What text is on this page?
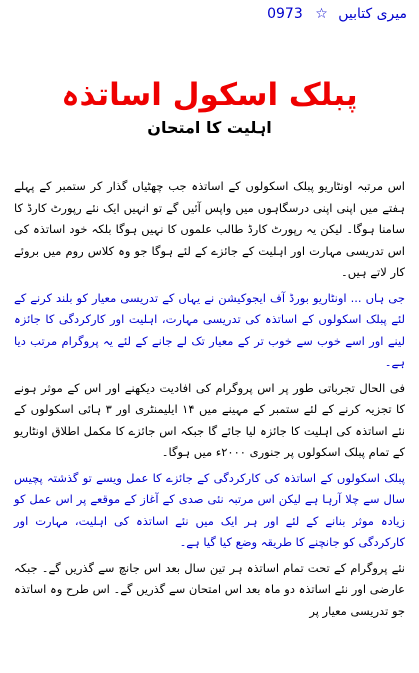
میری کتابیں ☆ 0973
پبلک اسکول اساتذہ
اہلیت کا امتحان

اس مرتبہ اونٹاریو پبلک اسکولوں کے اساتذہ جب چھٹیاں گذار کر ستمبر کے پہلے ہفتے میں اپنی اپنی درسگاہوں میں واپس آئیں گے تو انہیں ایک نئے رپورٹ کارڈ کا سامنا ہوگا۔ لیکن یہ رپورٹ کارڈ طالب علموں کا نہیں ہوگا بلکہ خود اساتذہ کی اس تدریسی مہارت اور اہلیت کے جائزے کے لئے ہوگا جو وہ کلاس روم میں بروئے کار لاتے ہیں۔

جی ہاں ... اونٹاریو بورڈ آف ایجوکیشن نے یہاں کے تدریسی معیار کو بلند کرنے کے لئے پبلک اسکولوں کے اساتذہ کی تدریسی مہارت، اہلیت اور کارکردگی کا جائزہ لینے اور اسے خوب سے خوب تر کے معیار تک لے جانے کے لئے یہ پروگرام مرتب دیا ہے۔

فی الحال تجرباتی طور پر اس پروگرام کی افادیت دیکھنے اور اس کے موثر ہونے کا تجزیہ کرنے کے لئے ستمبر کے مہینے میں ۱۴ ایلیمنٹری اور ۳ ہائی اسکولوں کے نئے اساتذہ کی اہلیت کا جائزہ لیا جائے گا جبکہ اس جائزے کا مکمل اطلاق اونٹاریو کے تمام پبلک اسکولوں پر جنوری ۲۰۰۰ء میں ہوگا۔

پبلک اسکولوں کے اساتذہ کی کارکردگی کے جائزے کا عمل ویسے تو گذشتہ پچیس سال سے چلا آرہا ہے لیکن اس مرتبہ نئی صدی کے آغاز کے موقعے پر اس عمل کو زیادہ موثر بنانے کے لئے اور ہر ایک میں نئے اساتذہ کی اہلیت، مہارت اور کارکردگی کو جانچنے کا طریقہ وضع کیا گیا ہے۔

نئے پروگرام کے تحت تمام اساتذہ ہر تین سال بعد اس جانچ سے گذریں گے۔ جبکہ عارضی اور نئے اساتذہ دو ماہ بعد اس امتحان سے گذریں گے۔ اس طرح وہ اساتذہ جو تدریسی معیار پر
